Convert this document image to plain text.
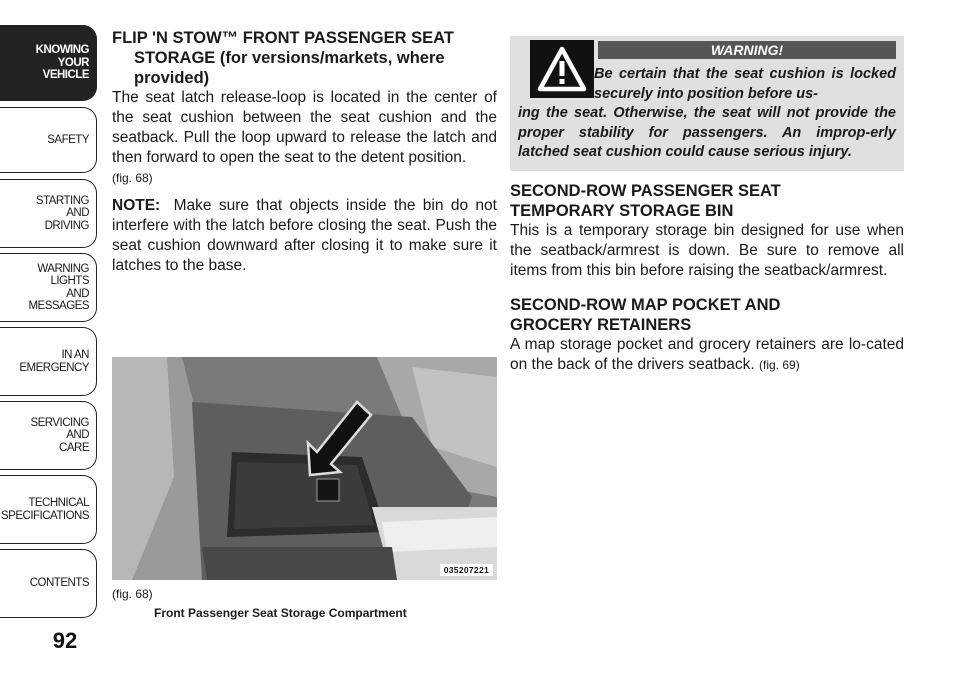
KNOWING
YOUR
VEHICLE
SAFETY
STARTING
AND
DRIVING
WARNING
LIGHTS
AND
MESSAGES
IN AN
EMERGENCY
SERVICING
AND
CARE
TECHNICAL
SPECIFICATIONS
CONTENTS
92
FLIP 'N STOW™ FRONT PASSENGER SEAT
STORAGE (for versions/markets, where
provided)

The seat latch release-loop is located in the center of the seat cushion between the seat cushion and the seatback. Pull the loop upward to release the latch and then forward to open the seat to the detent position.
(fig. 68)

NOTE: Make sure that objects inside the bin do not interfere with the latch before closing the seat. Push the seat cushion downward after closing it to make sure it latches to the base.

035207221
(fig. 68)
Front Passenger Seat Storage Compartment
WARNING!
Be certain that the seat cushion is locked securely into position before us-
ing the seat. Otherwise, the seat will not provide the proper stability for passengers. An improp-erly latched seat cushion could cause serious injury.
SECOND-ROW PASSENGER SEAT
TEMPORARY STORAGE BIN

This is a temporary storage bin designed for use when the seatback/armrest is down. Be sure to remove all items from this bin before raising the seatback/armrest.

SECOND-ROW MAP POCKET AND
GROCERY RETAINERS

A map storage pocket and grocery retainers are lo-cated on the back of the drivers seatback. (fig. 69)
